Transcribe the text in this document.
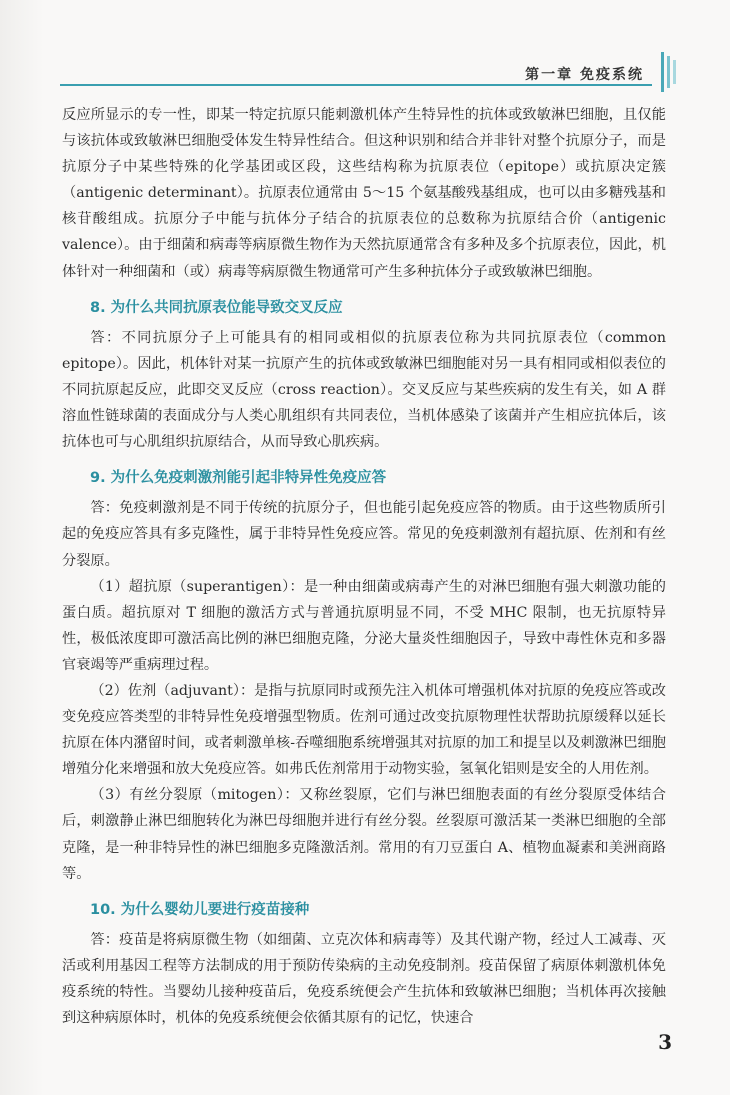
第一章 免疫系统

反应所显示的专一性，即某一特定抗原只能刺激机体产生特异性的抗体或致敏淋巴细胞，且仅能与该抗体或致敏淋巴细胞受体发生特异性结合。但这种识别和结合并非针对整个抗原分子，而是抗原分子中某些特殊的化学基团或区段，这些结构称为抗原表位（epitope）或抗原决定簇（antigenic determinant）。抗原表位通常由 5～15 个氨基酸残基组成，也可以由多糖残基和核苷酸组成。抗原分子中能与抗体分子结合的抗原表位的总数称为抗原结合价（antigenic valence）。由于细菌和病毒等病原微生物作为天然抗原通常含有多种及多个抗原表位，因此，机体针对一种细菌和（或）病毒等病原微生物通常可产生多种抗体分子或致敏淋巴细胞。

8. 为什么共同抗原表位能导致交叉反应

答：不同抗原分子上可能具有的相同或相似的抗原表位称为共同抗原表位（common epitope）。因此，机体针对某一抗原产生的抗体或致敏淋巴细胞能对另一具有相同或相似表位的不同抗原起反应，此即交叉反应（cross reaction）。交叉反应与某些疾病的发生有关，如 A 群溶血性链球菌的表面成分与人类心肌组织有共同表位，当机体感染了该菌并产生相应抗体后，该抗体也可与心肌组织抗原结合，从而导致心肌疾病。

9. 为什么免疫刺激剂能引起非特异性免疫应答

答：免疫刺激剂是不同于传统的抗原分子，但也能引起免疫应答的物质。由于这些物质所引起的免疫应答具有多克隆性，属于非特异性免疫应答。常见的免疫刺激剂有超抗原、佐剂和有丝分裂原。

（1）超抗原（superantigen）：是一种由细菌或病毒产生的对淋巴细胞有强大刺激功能的蛋白质。超抗原对 T 细胞的激活方式与普通抗原明显不同，不受 MHC 限制，也无抗原特异性，极低浓度即可激活高比例的淋巴细胞克隆，分泌大量炎性细胞因子，导致中毒性休克和多器官衰竭等严重病理过程。

（2）佐剂（adjuvant）：是指与抗原同时或预先注入机体可增强机体对抗原的免疫应答或改变免疫应答类型的非特异性免疫增强型物质。佐剂可通过改变抗原物理性状帮助抗原缓释以延长抗原在体内潴留时间，或者刺激单核-吞噬细胞系统增强其对抗原的加工和提呈以及刺激淋巴细胞增殖分化来增强和放大免疫应答。如弗氏佐剂常用于动物实验，氢氧化铝则是安全的人用佐剂。

（3）有丝分裂原（mitogen）：又称丝裂原，它们与淋巴细胞表面的有丝分裂原受体结合后，刺激静止淋巴细胞转化为淋巴母细胞并进行有丝分裂。丝裂原可激活某一类淋巴细胞的全部克隆，是一种非特异性的淋巴细胞多克隆激活剂。常用的有刀豆蛋白 A、植物血凝素和美洲商路等。

10. 为什么婴幼儿要进行疫苗接种

答：疫苗是将病原微生物（如细菌、立克次体和病毒等）及其代谢产物，经过人工减毒、灭活或利用基因工程等方法制成的用于预防传染病的主动免疫制剂。疫苗保留了病原体刺激机体免疫系统的特性。当婴幼儿接种疫苗后，免疫系统便会产生抗体和致敏淋巴细胞；当机体再次接触到这种病原体时，机体的免疫系统便会依循其原有的记忆，快速合

3
